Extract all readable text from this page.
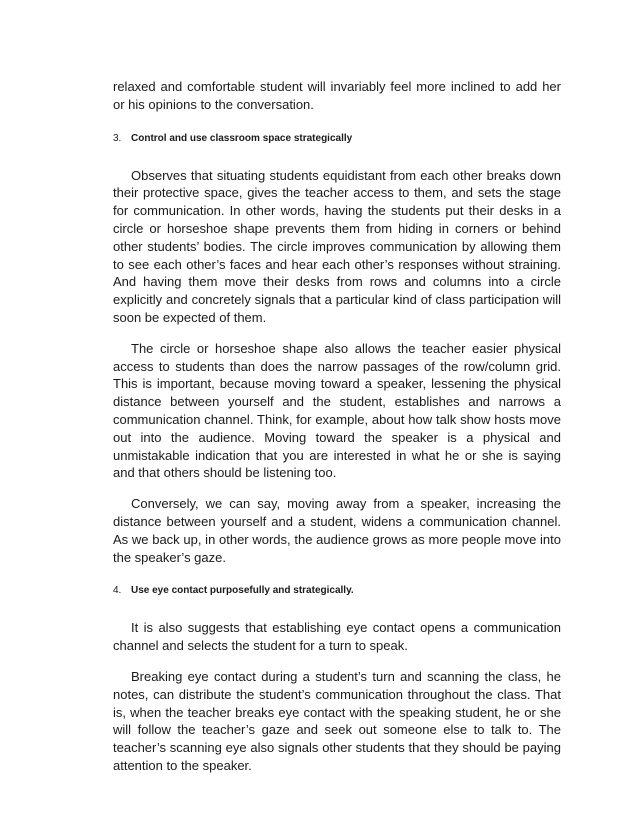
relaxed and comfortable student will invariably feel more inclined to add her or his opinions to the conversation.

3. Control and use classroom space strategically

Observes that situating students equidistant from each other breaks down their protective space, gives the teacher access to them, and sets the stage for communication. In other words, having the students put their desks in a circle or horseshoe shape prevents them from hiding in corners or behind other students’ bodies. The circle improves communication by allowing them to see each other’s faces and hear each other’s responses without straining. And having them move their desks from rows and columns into a circle explicitly and concretely signals that a particular kind of class participation will soon be expected of them.

The circle or horseshoe shape also allows the teacher easier physical access to students than does the narrow passages of the row/column grid. This is important, because moving toward a speaker, lessening the physical distance between yourself and the student, establishes and narrows a communication channel. Think, for example, about how talk show hosts move out into the audience. Moving toward the speaker is a physical and unmistakable indication that you are interested in what he or she is saying and that others should be listening too.

Conversely, we can say, moving away from a speaker, increasing the distance between yourself and a student, widens a communication channel. As we back up, in other words, the audience grows as more people move into the speaker’s gaze.

4. Use eye contact purposefully and strategically.

It is also suggests that establishing eye contact opens a communication channel and selects the student for a turn to speak.

Breaking eye contact during a student’s turn and scanning the class, he notes, can distribute the student’s communication throughout the class. That is, when the teacher breaks eye contact with the speaking student, he or she will follow the teacher’s gaze and seek out someone else to talk to. The teacher’s scanning eye also signals other students that they should be paying attention to the speaker.
